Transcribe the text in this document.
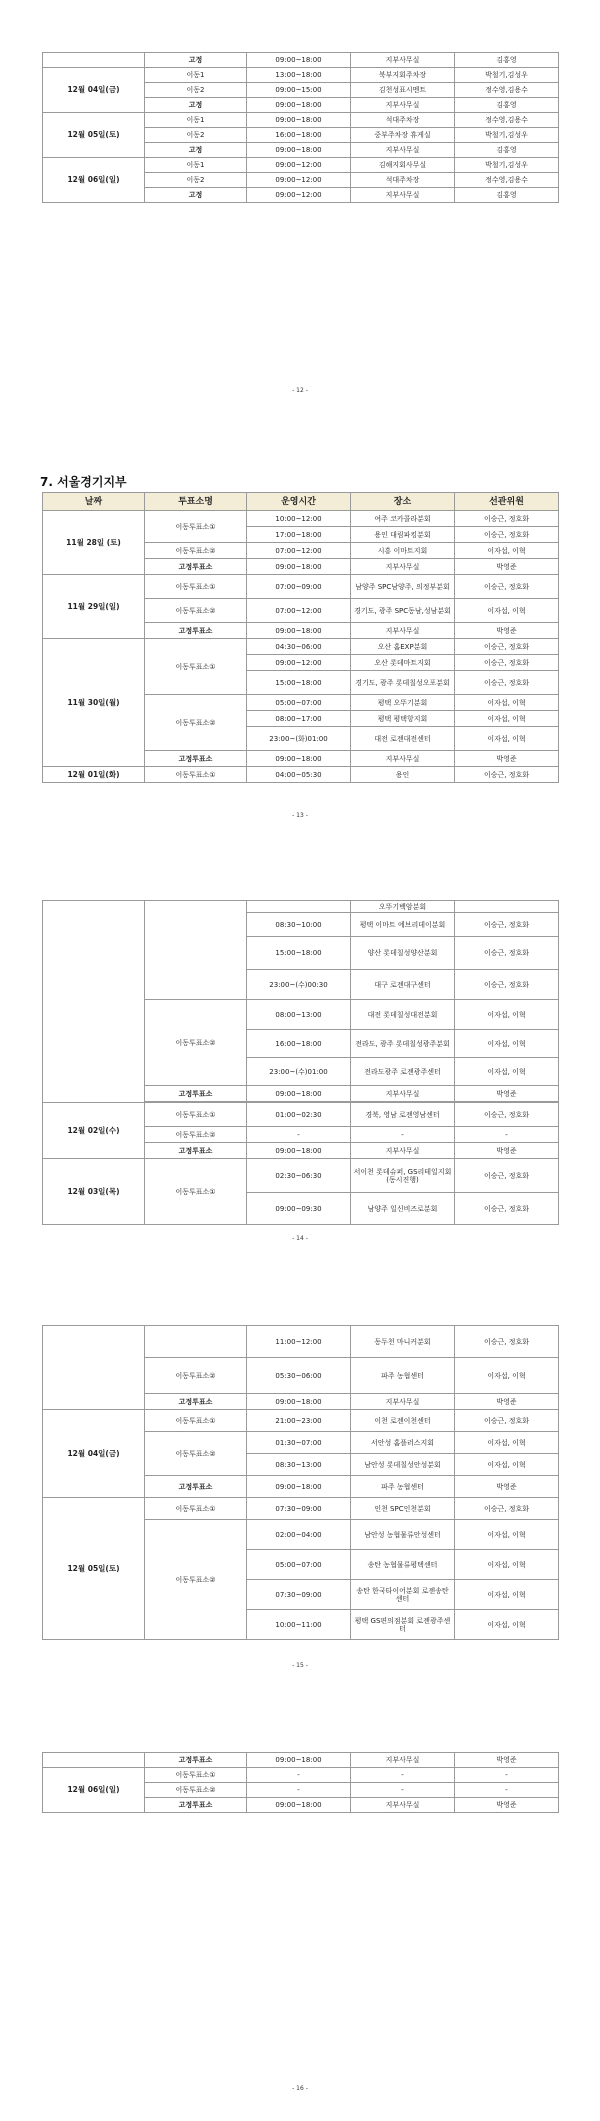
	고정	09:00~18:00	지부사무실	김홍영
12월 04일(금)	이동1	13:00~18:00	북부지회주차장	박철기,김성우
	이동2	09:00~15:00	김천성표시멘트	정수영,김용수
	고정	09:00~18:00	지부사무실	김홍영
12월 05일(토)	이동1	09:00~18:00	석대주차장	정수영,김용수
	이동2	16:00~18:00	중부주차장 휴게실	박철기,김성우
	고정	09:00~18:00	지부사무실	김홍영
12월 06일(일)	이동1	09:00~12:00	김해지회사무실	박철기,김성우
	이동2	09:00~12:00	석대주차장	정수영,김용수
	고정	09:00~12:00	지부사무실	김홍영
- 12 -
7. 서울경기지부
날짜	투표소명	운영시간	장소	선관위원
11월 28일 (토)	이동투표소①	10:00~12:00	여주 코카콜라분회	이승근, 정호화
		17:00~18:00	용인 대림파킹분회	이승근, 정호화
	이동투표소②	07:00~12:00	시흥 이마트지회	이자섭, 이혁
	고정투표소	09:00~18:00	지부사무실	박영준
11월 29일(일)	이동투표소①	07:00~09:00	남양주 SPC남양주, 의정부분회	이승근, 정호화
	이동투표소②	07:00~12:00	경기도, 광주 SPC동남,성남분회	이자섭, 이혁
	고정투표소	09:00~18:00	지부사무실	박영준
11월 30일(월)	이동투표소①	04:30~06:00	오산 홈EXP분회	이승근, 정호화
		09:00~12:00	오산 롯데마트지회	이승근, 정호화
		15:00~18:00	경기도, 광주 롯데칠성오포분회	이승근, 정호화
	이동투표소②	05:00~07:00	평택 오뚜기분회	이자섭, 이혁
		08:00~17:00	평택 평택항지회	이자섭, 이혁
		23:00~(화)01:00	대전 로젠대전센터	이자섭, 이혁
	고정투표소	09:00~18:00	지부사무실	박영준
12월 01일(화)	이동투표소①	04:00~05:30	용인	이승근, 정호화
- 13 -
			오뚜기백암분회	
		08:30~10:00	평택 이마트 에브리데이분회	이승근, 정호화
		15:00~18:00	양산 롯데칠성양산분회	이승근, 정호화
		23:00~(수)00:30	대구 로젠대구센터	이승근, 정호화
	이동투표소②	08:00~13:00	대전 롯데칠성대전분회	이자섭, 이혁
		16:00~18:00	전라도, 광주 롯데칠성광주분회	이자섭, 이혁
		23:00~(수)01:00	전라도광주 로젠광주센터	이자섭, 이혁
	고정투표소	09:00~18:00	지부사무실	박영준

12월 02일(수)	이동투표소①	01:00~02:30	경북, 영남 로젠영남센터	이승근, 정호화
	이동투표소②	-	-	-
	고정투표소	09:00~18:00	지부사무실	박영준
12월 03일(목)	이동투표소①	02:30~06:30	서이천 롯데슈퍼, GS리테일지회 (동시진행)	이승근, 정호화
		09:00~09:30	남양주 일신비즈로분회	이승근, 정호화
- 14 -
		11:00~12:00	동두천 마니커분회	이승근, 정호화
	이동투표소②	05:30~06:00	파주 농협센터	이자섭, 이혁
	고정투표소	09:00~18:00	지부사무실	박영준
12월 04일(금)	이동투표소①	21:00~23:00	이천 로젠이천센터	이승근, 정호화
	이동투표소②	01:30~07:00	서안성 홈플러스지회	이자섭, 이혁
		08:30~13:00	남안성 롯데칠성안성분회	이자섭, 이혁
	고정투표소	09:00~18:00	파주 농협센터	박영준
12월 05일(토)	이동투표소①	07:30~09:00	인천 SPC인천분회	이승근, 정호화
	이동투표소②	02:00~04:00	남안성 농협물류안성센터	이자섭, 이혁
		05:00~07:00	송탄 농협물류평택센터	이자섭, 이혁
		07:30~09:00	송탄 한국타이어분회 로젠송탄센터	이자섭, 이혁
		10:00~11:00	평택 GS편의점분회 로젠광주센터	이자섭, 이혁
- 15 -
	고정투표소	09:00~18:00	지부사무실	박영준
12월 06일(일)	이동투표소①	-	-	-
	이동투표소②	-	-	-
	고정투표소	09:00~18:00	지부사무실	박영준
- 16 -
